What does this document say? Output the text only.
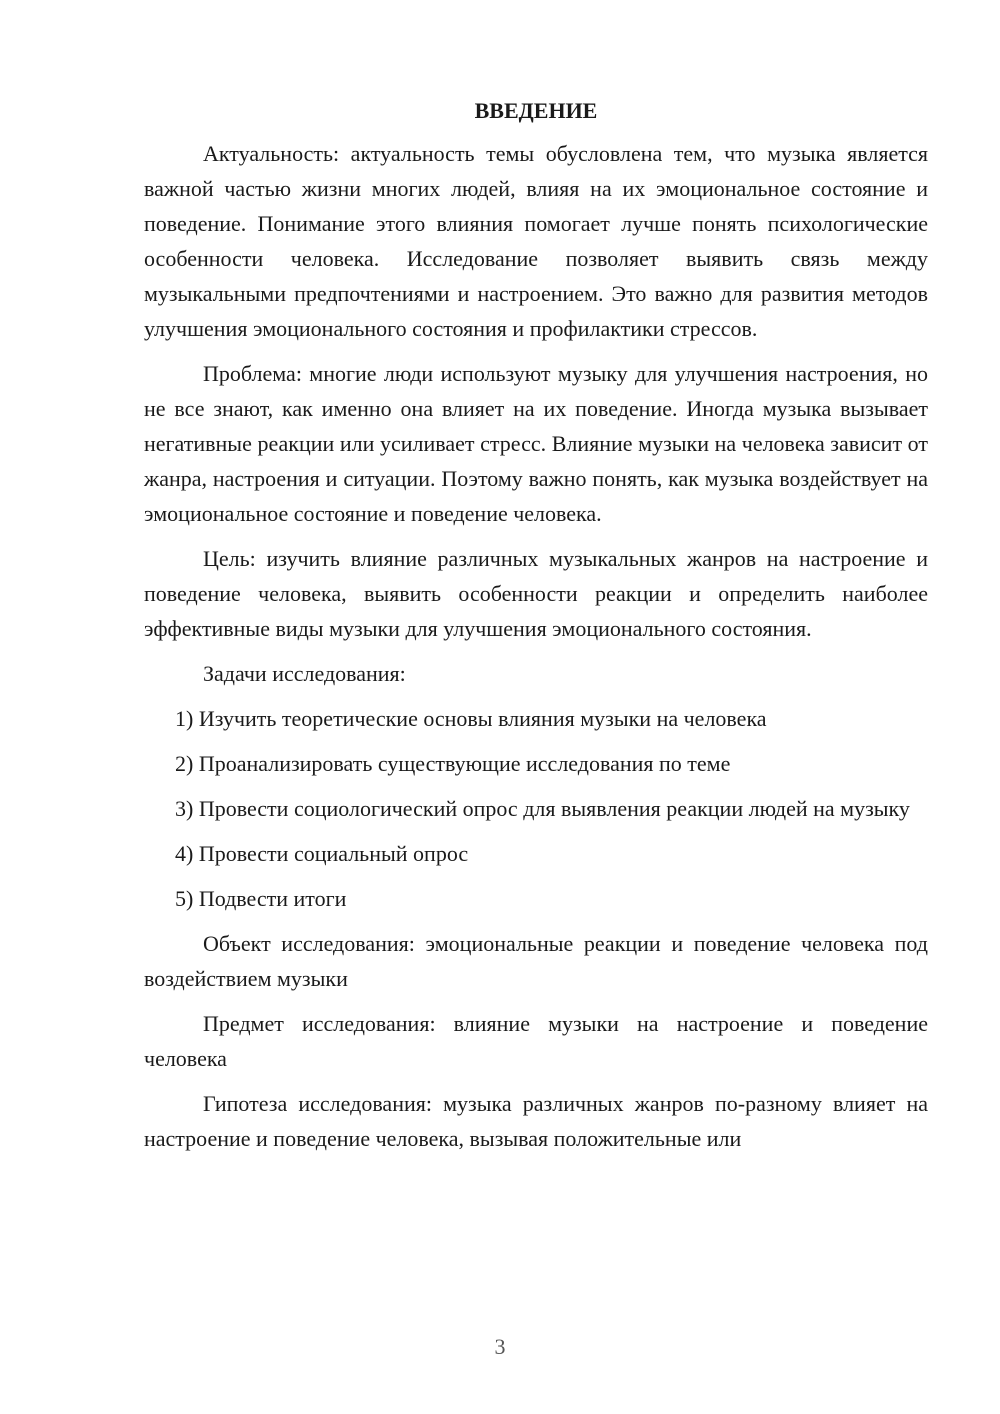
ВВЕДЕНИЕ

Актуальность: актуальность темы обусловлена тем, что музыка является важной частью жизни многих людей, влияя на их эмоциональное состояние и поведение. Понимание этого влияния помогает лучше понять психологические особенности человека. Исследование позволяет выявить связь между музыкальными предпочтениями и настроением. Это важно для развития методов улучшения эмоционального состояния и профилактики стрессов.

Проблема: многие люди используют музыку для улучшения настроения, но не все знают, как именно она влияет на их поведение. Иногда музыка вызывает негативные реакции или усиливает стресс. Влияние музыки на человека зависит от жанра, настроения и ситуации. Поэтому важно понять, как музыка воздействует на эмоциональное состояние и поведение человека.

Цель: изучить влияние различных музыкальных жанров на настроение и поведение человека, выявить особенности реакции и определить наиболее эффективные виды музыки для улучшения эмоционального состояния.

Задачи исследования:

1) Изучить теоретические основы влияния музыки на человека

2) Проанализировать существующие исследования по теме

3) Провести социологический опрос для выявления реакции людей на музыку

4) Провести социальный опрос

5) Подвести итоги

Объект исследования: эмоциональные реакции и поведение человека под воздействием музыки

Предмет исследования: влияние музыки на настроение и поведение человека

Гипотеза исследования: музыка различных жанров по-разному влияет на настроение и поведение человека, вызывая положительные или

3
